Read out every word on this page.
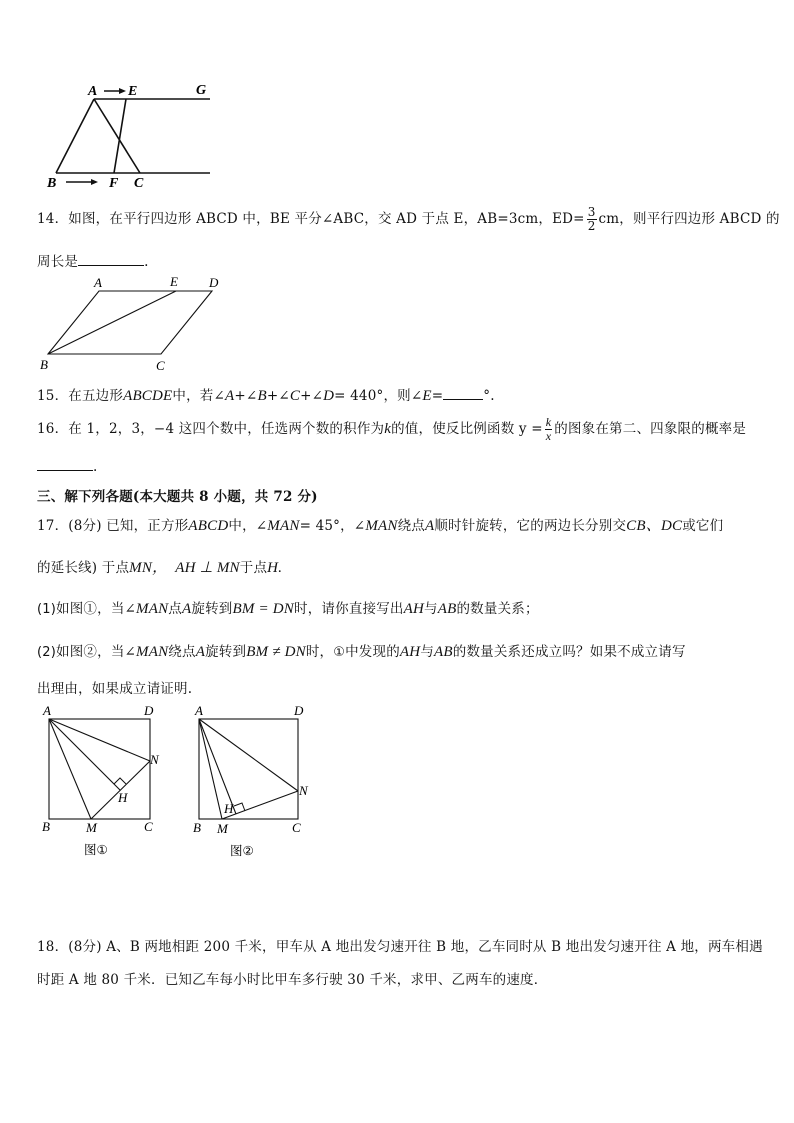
A E	G
B	F C
14．如图，在平行四边形 ABCD 中，BE 平分∠ABC，交 AD 于点 E，AB=3cm，$ED= \frac{3}{2}$ cm，则平行四边形 ABCD 的
周长是	.
A	E D
B	C
15．在五边形ABCDE中，若∠A+∠B+∠C+∠D= 440°，则∠E=	°.
16．在 1，2，3，−4 这四个数中，任选两个数的积作为k的值，使反比例函数 $y = \frac{k}{x}$ 的图象在第二、四象限的概率是
.
三、解下列各题(本大题共 8 小题，共 72 分)
17．(8分) 已知，正方形ABCD中，∠MAN= 45°，∠MAN绕点A顺时针旋转，它的两边长分别交CB、DC或它们
的延长线) 于点MN， AH ⊥ MN于点H.
(1)如图①，当∠MAN点A旋转到BM = DN时，请你直接写出AH与AB的数量关系；
(2)如图②，当∠MAN绕点A旋转到BM ≠ DN时，①中发现的AH与AB的数量关系还成立吗？如果不成立请写
出理由，如果成立请证明.
A	D
N
H
B	M	C
图①
A	D
N
H
B M	C
图②
18．(8分) A、B 两地相距 200 千米，甲车从 A 地出发匀速开往 B 地，乙车同时从 B 地出发匀速开往 A 地，两车相遇
时距 A 地 80 千米．已知乙车每小时比甲车多行驶 30 千米，求甲、乙两车的速度．
